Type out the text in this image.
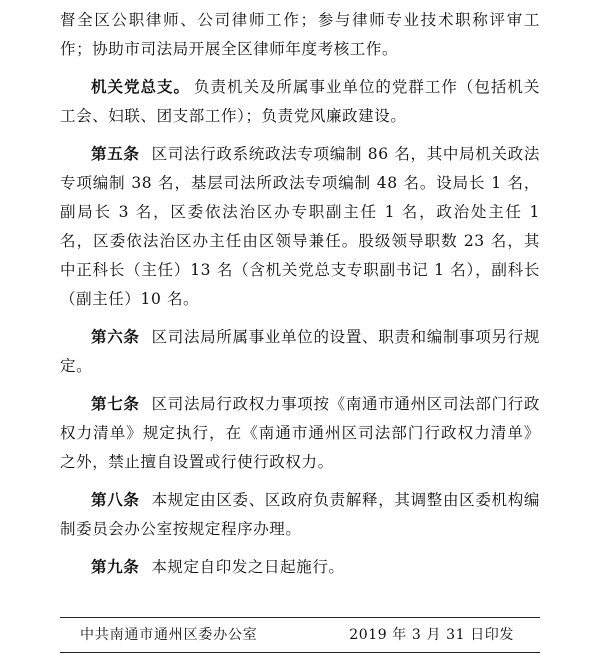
督全区公职律师、公司律师工作；参与律师专业技术职称评审工作；协助市司法局开展全区律师年度考核工作。

机关党总支。 负责机关及所属事业单位的党群工作（包括机关工会、妇联、团支部工作）；负责党风廉政建设。

第五条 区司法行政系统政法专项编制 86 名，其中局机关政法专项编制 38 名，基层司法所政法专项编制 48 名。设局长 1 名，副局长 3 名，区委依法治区办专职副主任 1 名，政治处主任 1 名，区委依法治区办主任由区领导兼任。股级领导职数 23 名，其中正科长（主任）13 名（含机关党总支专职副书记 1 名），副科长（副主任）10 名。

第六条 区司法局所属事业单位的设置、职责和编制事项另行规定。

第七条 区司法局行政权力事项按《南通市通州区司法部门行政权力清单》规定执行，在《南通市通州区司法部门行政权力清单》之外，禁止擅自设置或行使行政权力。

第八条 本规定由区委、区政府负责解释，其调整由区委机构编制委员会办公室按规定程序办理。

第九条 本规定自印发之日起施行。

中共南通市通州区委办公室	2019 年 3 月 31 日印发
